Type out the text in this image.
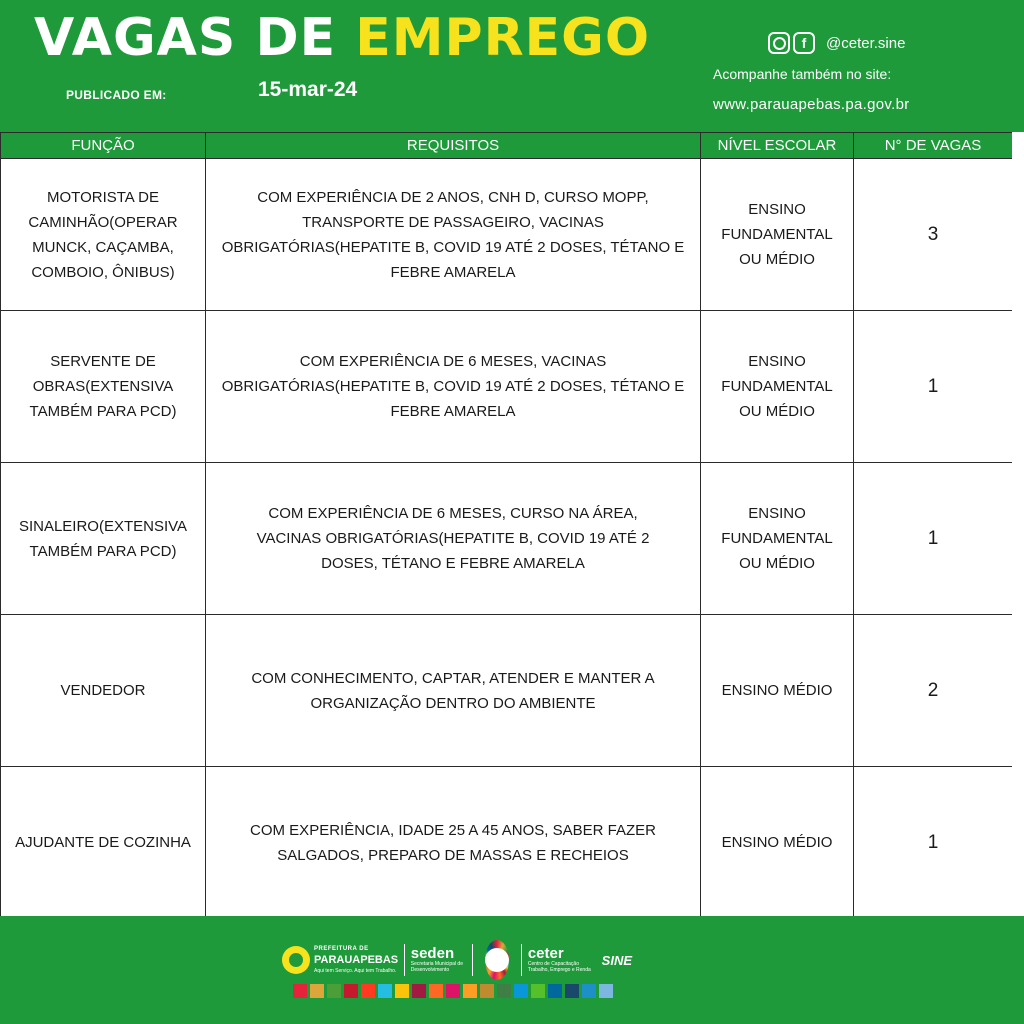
VAGAS DE EMPREGO
PUBLICADO EM:	15-mar-24
f	@ceter.sine
Acompanhe também no site:
www.parauapebas.pa.gov.br
FUNÇÃO	REQUISITOS	NÍVEL ESCOLAR	N° DE VAGAS
MOTORISTA DE CAMINHÃO(OPERAR MUNCK, CAÇAMBA, COMBOIO, ÔNIBUS)	COM EXPERIÊNCIA DE 2 ANOS, CNH D, CURSO MOPP, TRANSPORTE DE PASSAGEIRO, VACINAS OBRIGATÓRIAS(HEPATITE B, COVID 19 ATÉ 2 DOSES, TÉTANO E FEBRE AMARELA	ENSINO FUNDAMENTAL OU MÉDIO	3
SERVENTE DE OBRAS(EXTENSIVA TAMBÉM PARA PCD)	COM EXPERIÊNCIA DE 6 MESES, VACINAS OBRIGATÓRIAS(HEPATITE B, COVID 19 ATÉ 2 DOSES, TÉTANO E FEBRE AMARELA	ENSINO FUNDAMENTAL OU MÉDIO	1
SINALEIRO(EXTENSIVA TAMBÉM PARA PCD)	COM EXPERIÊNCIA DE 6 MESES, CURSO NA ÁREA, VACINAS OBRIGATÓRIAS(HEPATITE B, COVID 19 ATÉ 2 DOSES, TÉTANO E FEBRE AMARELA	ENSINO FUNDAMENTAL OU MÉDIO	1
VENDEDOR	COM CONHECIMENTO, CAPTAR, ATENDER E MANTER A ORGANIZAÇÃO DENTRO DO AMBIENTE	ENSINO MÉDIO	2
AJUDANTE DE COZINHA	COM EXPERIÊNCIA, IDADE 25 A 45 ANOS, SABER FAZER SALGADOS, PREPARO DE MASSAS E RECHEIOS	ENSINO MÉDIO	1
PREFEITURA DE
PARAUAPEBAS
Aqui tem Serviço. Aqui tem Trabalho.
seden
Secretaria Municipal de Desenvolvimento
ceter
Centro de Capacitação Trabalho, Emprego e Renda
SINE
